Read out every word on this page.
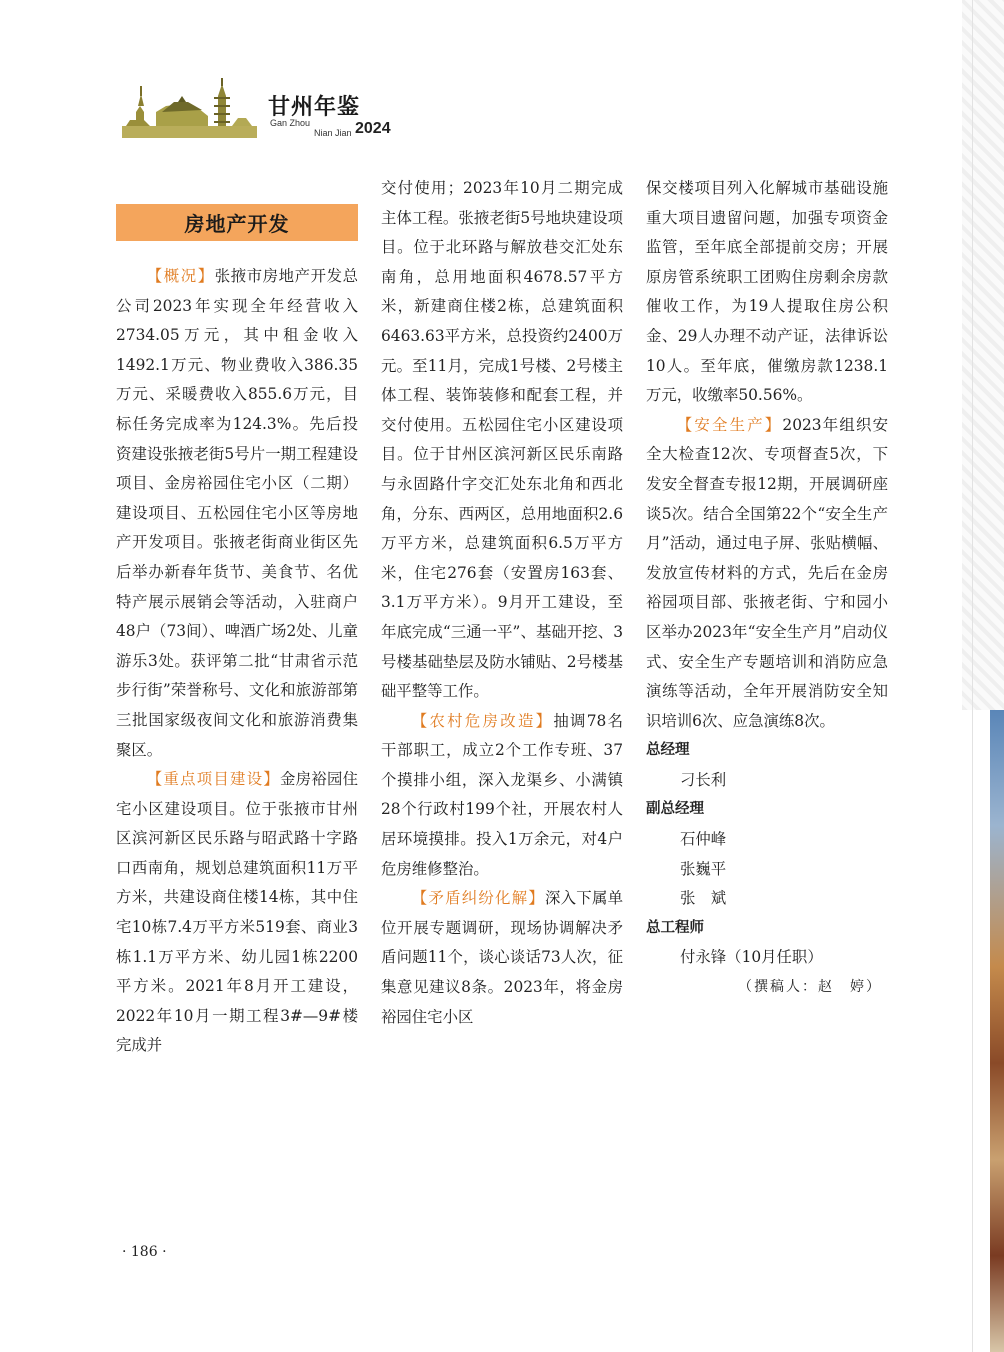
甘州年鉴
Gan Zhou
Nian Jian 2024
房地产开发

【概况】张掖市房地产开发总公司2023年实现全年经营收入2734.05万元，其中租金收入1492.1万元、物业费收入386.35万元、采暖费收入855.6万元，目标任务完成率为124.3%。先后投资建设张掖老街5号片一期工程建设项目、金房裕园住宅小区（二期）建设项目、五松园住宅小区等房地产开发项目。张掖老街商业街区先后举办新春年货节、美食节、名优特产展示展销会等活动，入驻商户48户（73间）、啤酒广场2处、儿童游乐3处。获评第二批“甘肃省示范步行街”荣誉称号、文化和旅游部第三批国家级夜间文化和旅游消费集聚区。

【重点项目建设】金房裕园住宅小区建设项目。位于张掖市甘州区滨河新区民乐路与昭武路十字路口西南角，规划总建筑面积11万平方米，共建设商住楼14栋，其中住宅10栋7.4万平方米519套、商业3栋1.1万平方米、幼儿园1栋2200平方米。2021年8月开工建设，2022年10月一期工程3#—9#楼完成并

交付使用；2023年10月二期完成主体工程。张掖老街5号地块建设项目。位于北环路与解放巷交汇处东南角，总用地面积4678.57平方米，新建商住楼2栋，总建筑面积6463.63平方米，总投资约2400万元。至11月，完成1号楼、2号楼主体工程、装饰装修和配套工程，并交付使用。五松园住宅小区建设项目。位于甘州区滨河新区民乐南路与永固路什字交汇处东北角和西北角，分东、西两区，总用地面积2.6万平方米，总建筑面积6.5万平方米，住宅276套（安置房163套、3.1万平方米）。9月开工建设，至年底完成“三通一平”、基础开挖、3号楼基础垫层及防水铺贴、2号楼基础平整等工作。

【农村危房改造】抽调78名干部职工，成立2个工作专班、37个摸排小组，深入龙渠乡、小满镇28个行政村199个社，开展农村人居环境摸排。投入1万余元，对4户危房维修整治。

【矛盾纠纷化解】深入下属单位开展专题调研，现场协调解决矛盾问题11个，谈心谈话73人次，征集意见建议8条。2023年，将金房裕园住宅小区

保交楼项目列入化解城市基础设施重大项目遗留问题，加强专项资金监管，至年底全部提前交房；开展原房管系统职工团购住房剩余房款催收工作，为19人提取住房公积金、29人办理不动产证，法律诉讼10人。至年底，催缴房款1238.1万元，收缴率50.56%。

【安全生产】2023年组织安全大检查12次、专项督查5次，下发安全督查专报12期，开展调研座谈5次。结合全国第22个“安全生产月”活动，通过电子屏、张贴横幅、发放宣传材料的方式，先后在金房裕园项目部、张掖老街、宁和园小区举办2023年“安全生产月”启动仪式、安全生产专题培训和消防应急演练等活动，全年开展消防安全知识培训6次、应急演练8次。

总经理
刁长利
副总经理
石仲峰
张巍平
张　斌
总工程师
付永锋（10月任职）
（撰稿人：赵　婷）
· 186 ·
